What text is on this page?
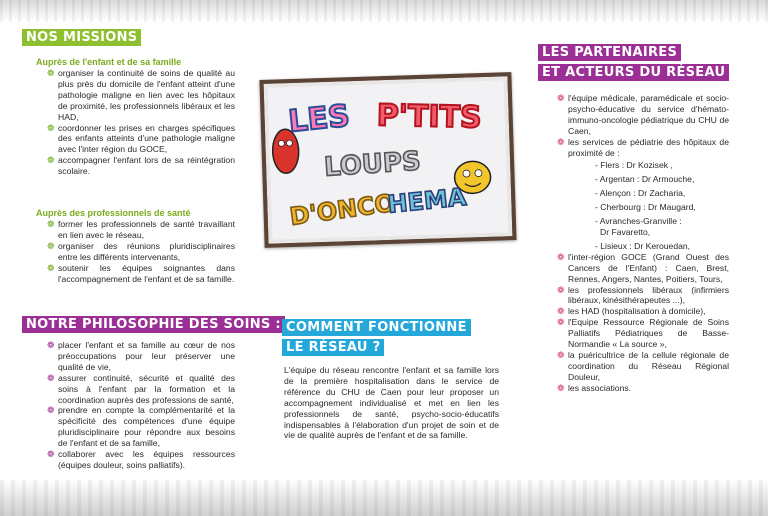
NOS MISSIONS

Auprès de l'enfant et de sa famille

❁ organiser la continuité de soins de qualité au plus près du domicile de l'enfant atteint d'une pathologie maligne en lien avec les hôpitaux de proximité, les professionnels libéraux et les HAD,
❁ coordonner les prises en charges spécifiques des enfants atteints d'une pathologie maligne avec l'inter région du GOCE,
❁ accompagner l'enfant lors de sa réintégration scolaire.

Auprès des professionnels de santé

❁ former les professionnels de santé travaillant en lien avec le réseau,
❁ organiser des réunions pluridisciplinaires entre les différents intervenants,
❁ soutenir les équipes soignantes dans l'accompagnement de l'enfant et de sa famille.
NOTRE PHILOSOPHIE DES SOINS :
❁ placer l'enfant et sa famille au cœur de nos préoccupations pour leur préserver une qualité de vie,
❁ assurer continuité, sécurité et qualité des soins à l'enfant par la formation et la coordination auprès des professions de santé,
❁ prendre en compte la complémentarité et la spécificité des compétences d'une équipe pluridisciplinaire pour répondre aux besoins de l'enfant et de sa famille,
❁ collaborer avec les équipes ressources (équipes douleur, soins palliatifs).
LES P'TITS
LOUPS
D'ONCO
HEMA
COMMENT FONCTIONNE
LE RÉSEAU ?

L'équipe du réseau rencontre l'enfant et sa famille lors de la première hospitalisation dans le service de référence du CHU de Caen pour leur proposer un accompagnement individualisé et met en lien les professionnels de santé, psycho-socio-éducatifs indispensables à l'élaboration d'un projet de soin et de vie de qualité auprès de l'enfant et de sa famille.

LES PARTENAIRES
ET ACTEURS DU RÉSEAU
❁ l'équipe médicale, paramédicale et socio-psycho-éducative du service d'hémato-immuno-oncologie pédiatrique du CHU de Caen,
❁ les services de pédiatrie des hôpitaux de proximité de :
- Flers : Dr Kozisek ,
- Argentan : Dr Armouche,
- Alençon : Dr Zacharia,
- Cherbourg : Dr Maugard,
- Avranches-Granville :
Dr Favaretto,
- Lisieux : Dr Kerouedan,
❁ l'inter-région GOCE (Grand Ouest des Cancers de l'Enfant) : Caen, Brest, Rennes, Angers, Nantes, Poitiers, Tours,
❁ les professionnels libéraux (infirmiers libéraux, kinésithérapeutes ...),
❁ les HAD (hospitalisation à domicile),
❁ l'Equipe Ressource Régionale de Soins Palliatifs Pédiatriques de Basse-Normandie « La source »,
❁ la puéricultrice de la cellule régionale de coordination du Réseau Régional Douleur,
❁ les associations.
